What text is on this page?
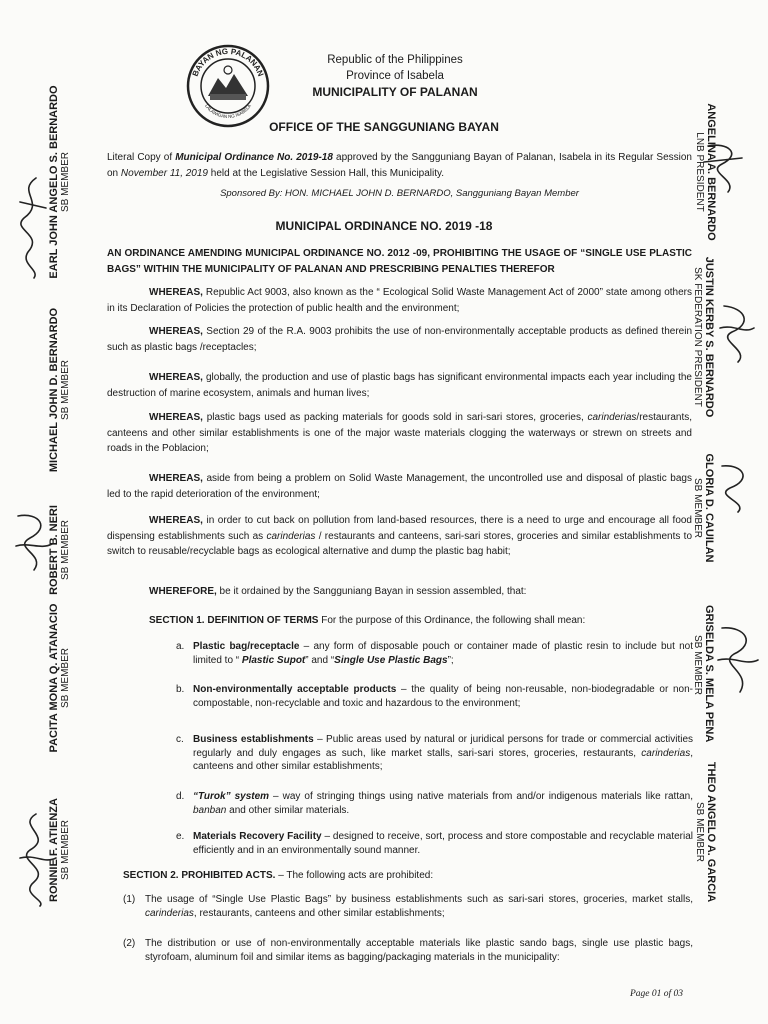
BAYAN NG PALANAN
LALAWIGAN NG ISABELA
Republic of the Philippines
Province of Isabela
MUNICIPALITY OF PALANAN
OFFICE OF THE SANGGUNIANG BAYAN
Literal Copy of Municipal Ordinance No. 2019-18 approved by the Sangguniang Bayan of Palanan, Isabela in its Regular Session on November 11, 2019 held at the Legislative Session Hall, this Municipality.
Sponsored By: HON. MICHAEL JOHN D. BERNARDO, Sangguniang Bayan Member
MUNICIPAL ORDINANCE NO. 2019 -18
AN ORDINANCE AMENDING MUNICIPAL ORDINANCE NO. 2012 -09, PROHIBITING THE USAGE OF “SINGLE USE PLASTIC BAGS” WITHIN THE MUNICIPALITY OF PALANAN AND PRESCRIBING PENALTIES THEREFOR
WHEREAS, Republic Act 9003, also known as the “ Ecological Solid Waste Management Act of 2000” state among others in its Declaration of Policies the protection of public health and the environment;
WHEREAS, Section 29 of the R.A. 9003 prohibits the use of non-environmentally acceptable products as defined therein such as plastic bags /receptacles;
WHEREAS, globally, the production and use of plastic bags has significant environmental impacts each year including the destruction of marine ecosystem, animals and human lives;
WHEREAS, plastic bags used as packing materials for goods sold in sari-sari stores, groceries, carinderias/restaurants, canteens and other similar establishments is one of the major waste materials clogging the waterways or strewn on streets and roads in the Poblacion;
WHEREAS, aside from being a problem on Solid Waste Management, the uncontrolled use and disposal of plastic bags led to the rapid deterioration of the environment;
WHEREAS, in order to cut back on pollution from land-based resources, there is a need to urge and encourage all food dispensing establishments such as carinderias / restaurants and canteens, sari-sari stores, groceries and similar establishments to switch to reusable/recyclable bags as ecological alternative and dump the plastic bag habit;
WHEREFORE, be it ordained by the Sangguniang Bayan in session assembled, that:
SECTION 1. DEFINITION OF TERMS For the purpose of this Ordinance, the following shall mean:
a. Plastic bag/receptacle – any form of disposable pouch or container made of plastic resin to include but not limited to “ Plastic Supot” and “Single Use Plastic Bags”;
b. Non-environmentally acceptable products – the quality of being non-reusable, non-biodegradable or non-compostable, non-recyclable and toxic and hazardous to the environment;
c. Business establishments – Public areas used by natural or juridical persons for trade or commercial activities regularly and duly engages as such, like market stalls, sari-sari stores, groceries, restaurants, carinderias, canteens and other similar establishments;
d. “Turok” system – way of stringing things using native materials from and/or indigenous materials like rattan, banban and other similar materials.
e. Materials Recovery Facility – designed to receive, sort, process and store compostable and recyclable material efficiently and in an environmentally sound manner.
SECTION 2. PROHIBITED ACTS. – The following acts are prohibited:
(1) The usage of “Single Use Plastic Bags” by business establishments such as sari-sari stores, groceries, market stalls, carinderias, restaurants, canteens and other similar establishments;
(2) The distribution or use of non-environmentally acceptable materials like plastic sando bags, single use plastic bags, styrofoam, aluminum foil and similar items as bagging/packaging materials in the municipality:
Page 01 of 03
EARL JOHN ANGELO S. BERNARDO SB MEMBER
MICHAEL JOHN D. BERNARDO SB MEMBER
ROBERT B. NERI SB MEMBER
PACITA MONA Q. ATANACIO SB MEMBER
RONNIE F. ATIENZA SB MEMBER
ANGELINA A. BERNARDO
LNB PRESIDENT
JUSTIN KERBY S. BERNARDO
SK FEDERATION PRESIDENT
GLORIA D. CAUILAN
SB MEMBER
GRISELDA S. MELA PENA
SB MEMBER
THEO ANGELO A. GARCIA
SB MEMBER
